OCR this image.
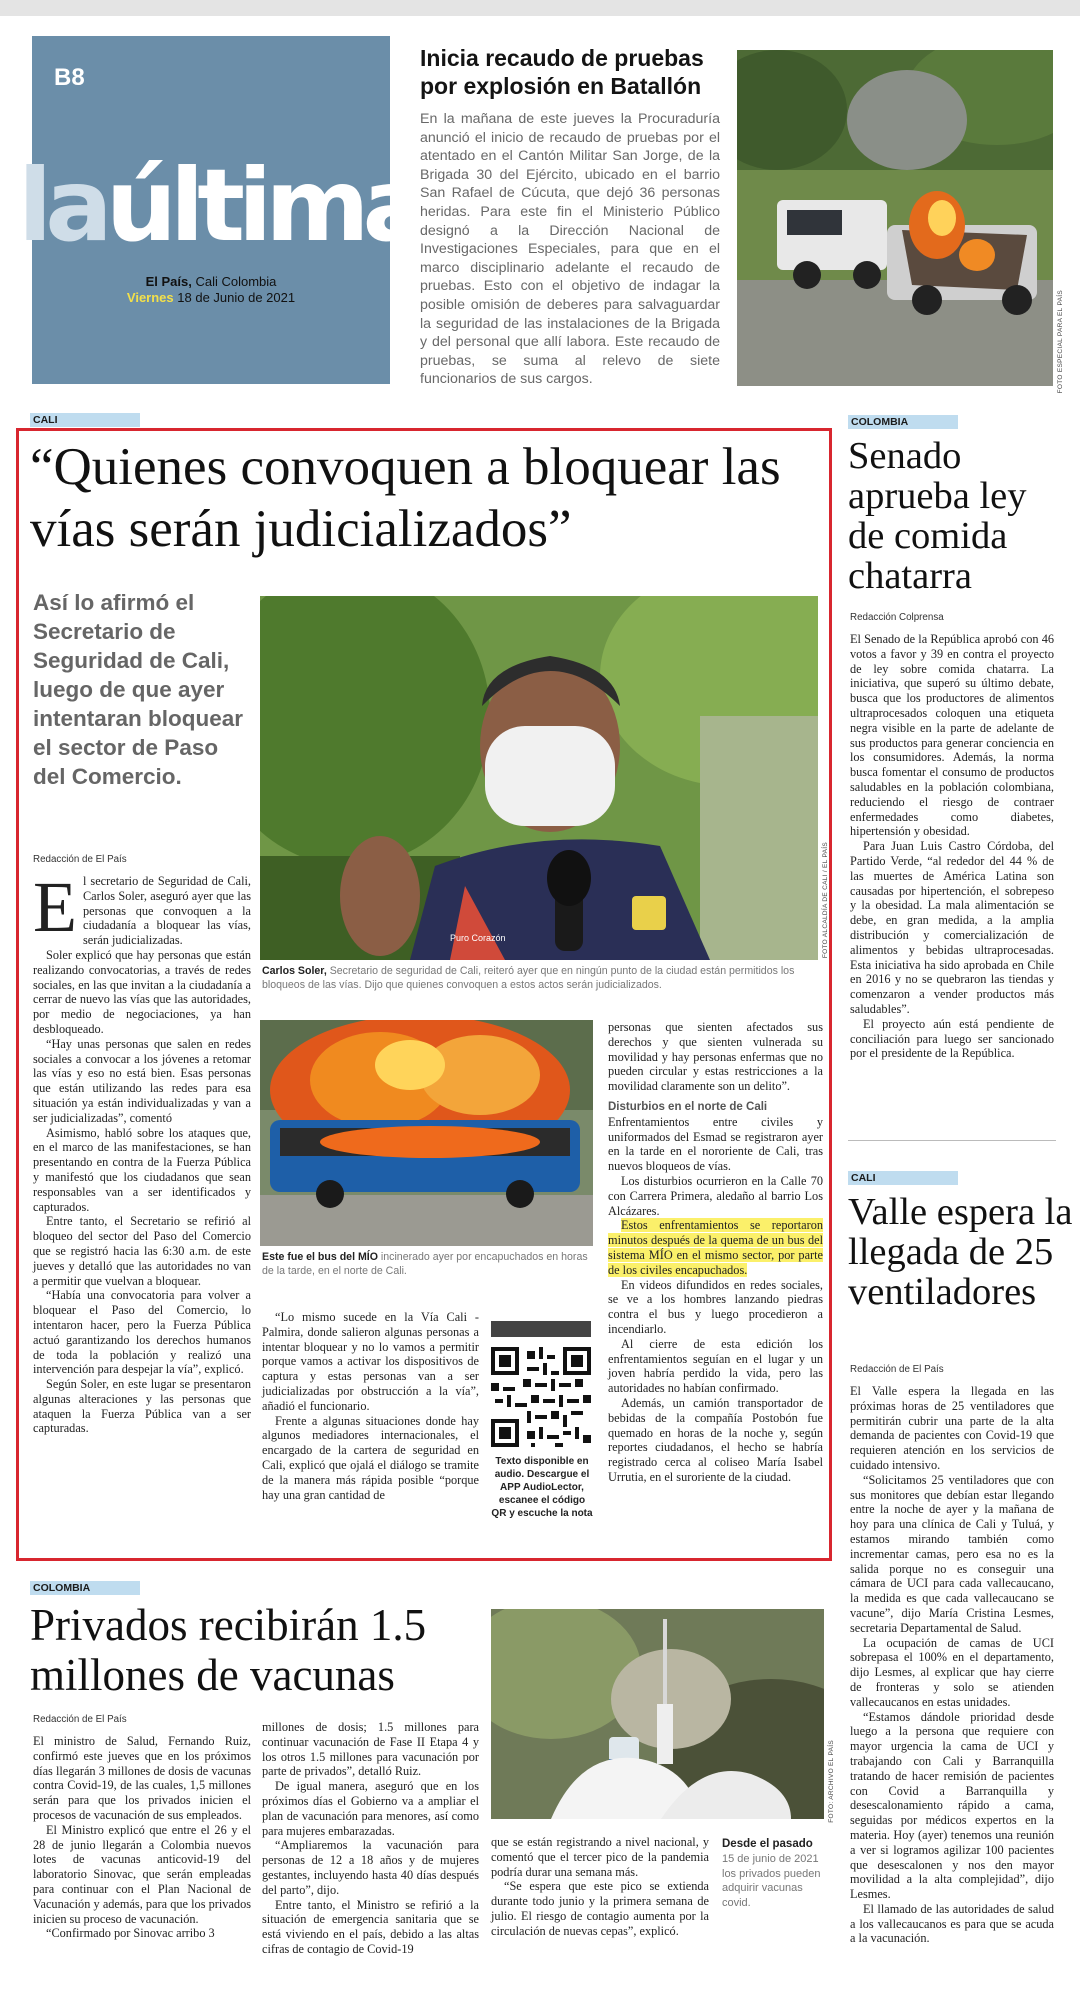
B8
laúltima
El País, Cali Colombia
Viernes 18 de Junio de 2021
Inicia recaudo de pruebas por explosión en Batallón

En la mañana de este jueves la Procuraduría anunció el inicio de recaudo de pruebas por el atentado en el Cantón Militar San Jorge, de la Brigada 30 del Ejército, ubicado en el barrio San Rafael de Cúcuta, que dejó 36 personas heridas. Para este fin el Ministerio Público designó a la Dirección Nacional de Investigaciones Especiales, para que en el marco disciplinario adelante el recaudo de pruebas. Esto con el objetivo de indagar la posible omisión de deberes para salvaguardar la seguridad de las instalaciones de la Brigada y del personal que allí labora. Este recaudo de pruebas, se suma al relevo de siete funcionarios de sus cargos.	FOTO ESPECIAL PARA EL PAÍS
CALI
“Quienes convoquen a bloquear las vías serán judicializados”
Así lo afirmó el Secretario de Seguridad de Cali, luego de que ayer intentaran bloquear el sector de Paso del Comercio.
Puro Corazón	FOTO ALCALDÍA DE CALI / EL PAÍS
Carlos Soler, Secretario de seguridad de Cali, reiteró ayer que en ningún punto de la ciudad están permitidos los bloqueos de las vías. Dijo que quienes convoquen a estos actos serán judicializados.
Redacción de El País

El secretario de Seguridad de Cali, Carlos Soler, aseguró ayer que las personas que convoquen a la ciudadanía a bloquear las vías, serán judicializadas.

Soler explicó que hay personas que están realizando convocatorias, a través de redes sociales, en las que invitan a la ciudadanía a cerrar de nuevo las vías que las autoridades, por medio de negociaciones, ya han desbloqueado.

“Hay unas personas que salen en redes sociales a convocar a los jóvenes a retomar las vías y eso no está bien. Esas personas que están utilizando las redes para esa situación ya están individualizadas y van a ser judicializadas”, comentó

Asimismo, habló sobre los ataques que, en el marco de las manifestaciones, se han presentando en contra de la Fuerza Pública y manifestó que los ciudadanos que sean responsables van a ser identificados y capturados.

Entre tanto, el Secretario se refirió al bloqueo del sector del Paso del Comercio que se registró hacia las 6:30 a.m. de este jueves y detalló que las autoridades no van a permitir que vuelvan a bloquear.

“Había una convocatoria para volver a bloquear el Paso del Comercio, lo intentaron hacer, pero la Fuerza Pública actuó garantizando los derechos humanos de toda la población y realizó una intervención para despejar la vía”, explicó.

Según Soler, en este lugar se presentaron algunas alteraciones y las personas que ataquen la Fuerza Pública van a ser capturadas.

Este fue el bus del MÍO incinerado ayer por encapuchados en horas de la tarde, en el norte de Cali.

“Lo mismo sucede en la Vía Cali - Palmira, donde salieron algunas personas a intentar bloquear y no lo vamos a permitir porque vamos a activar los dispositivos de captura y estas personas van a ser judicializadas por obstrucción a la vía”, añadió el funcionario.

Frente a algunas situaciones donde hay algunos mediadores internacionales, el encargado de la cartera de seguridad en Cali, explicó que ojalá el diálogo se tramite de la manera más rápida posible “porque hay una gran cantidad de

Texto disponible en audio. Descargue el APP AudioLector, escanee el código QR y escuche la nota

personas que sienten afectados sus derechos y que sienten vulnerada su movilidad y hay personas enfermas que no pueden circular y estas restricciones a la movilidad claramente son un delito”.

Disturbios en el norte de Cali

Enfrentamientos entre civiles y uniformados del Esmad se registraron ayer en la tarde en el nororiente de Cali, tras nuevos bloqueos de vías.

Los disturbios ocurrieron en la Calle 70 con Carrera Primera, aledaño al barrio Los Alcázares.

Estos enfrentamientos se reportaron minutos después de la quema de un bus del sistema MÍO en el mismo sector, por parte de los civiles encapuchados.

En videos difundidos en redes sociales, se ve a los hombres lanzando piedras contra el bus y luego procedieron a incendiarlo.

Al cierre de esta edición los enfrentamientos seguían en el lugar y un joven habría perdido la vida, pero las autoridades no habían confirmado.

Además, un camión transportador de bebidas de la compañía Postobón fue quemado en horas de la noche y, según reportes ciudadanos, el hecho se habría registrado cerca al coliseo María Isabel Urrutia, en el suroriente de la ciudad.

COLOMBIA
Senado aprueba ley de comida chatarra
Redacción Colprensa

El Senado de la República aprobó con 46 votos a favor y 39 en contra el proyecto de ley sobre comida chatarra. La iniciativa, que superó su último debate, busca que los productores de alimentos ultraprocesados coloquen una etiqueta negra visible en la parte de adelante de sus productos para generar conciencia en los consumidores. Además, la norma busca fomentar el consumo de productos saludables en la población colombiana, reduciendo el riesgo de contraer enfermedades como diabetes, hipertensión y obesidad.

Para Juan Luis Castro Córdoba, del Partido Verde, “al rededor del 44 % de las muertes de América Latina son causadas por hipertención, el sobrepeso y la obesidad. La mala alimentación se debe, en gran medida, a la amplia distribución y comercialización de alimentos y bebidas ultraprocesadas. Esta iniciativa ha sido aprobada en Chile en 2016 y no se quebraron las tiendas y comenzaron a vender productos más saludables”.

El proyecto aún está pendiente de conciliación para luego ser sancionado por el presidente de la República.

CALI
Valle espera la llegada de 25 ventiladores
Redacción de El País

El Valle espera la llegada en las próximas horas de 25 ventiladores que permitirán cubrir una parte de la alta demanda de pacientes con Covid-19 que requieren atención en los servicios de cuidado intensivo.

“Solicitamos 25 ventiladores que con sus monitores que debían estar llegando entre la noche de ayer y la mañana de hoy para una clínica de Cali y Tuluá, y estamos mirando también como incrementar camas, pero esa no es la salida porque no es conseguir una cámara de UCI para cada vallecaucano, la medida es que cada vallecaucano se vacune”, dijo María Cristina Lesmes, secretaria Departamental de Salud.

La ocupación de camas de UCI sobrepasa el 100% en el departamento, dijo Lesmes, al explicar que hay cierre de fronteras y solo se atienden vallecaucanos en estas unidades.

“Estamos dándole prioridad desde luego a la persona que requiere con mayor urgencia la cama de UCI y trabajando con Cali y Barranquilla tratando de hacer remisión de pacientes con Covid a Barranquilla y desescalonamiento rápido a cama, seguidas por médicos expertos en la materia. Hoy (ayer) tenemos una reunión a ver si logramos agilizar 100 pacientes que desescalonen y nos den mayor movilidad a la alta complejidad”, dijo Lesmes.

El llamado de las autoridades de salud a los vallecaucanos es para que se acuda a la vacunación.

COLOMBIA
Privados recibirán 1.5 millones de vacunas
Redacción de El País

El ministro de Salud, Fernando Ruiz, confirmó este jueves que en los próximos días llegarán 3 millones de dosis de vacunas contra Covid-19, de las cuales, 1,5 millones serán para que los privados inicien el procesos de vacunación de sus empleados.

El Ministro explicó que entre el 26 y el 28 de junio llegarán a Colombia nuevos lotes de vacunas anticovid-19 del laboratorio Sinovac, que serán empleadas para continuar con el Plan Nacional de Vacunación y además, para que los privados inicien su proceso de vacunación.

“Confirmado por Sinovac arribo 3

millones de dosis; 1.5 millones para continuar vacunación de Fase II Etapa 4 y los otros 1.5 millones para vacunación por parte de privados”, detalló Ruiz.

De igual manera, aseguró que en los próximos días el Gobierno va a ampliar el plan de vacunación para menores, así como para mujeres embarazadas.

“Ampliaremos la vacunación para personas de 12 a 18 años y de mujeres gestantes, incluyendo hasta 40 días después del parto”, dijo.

Entre tanto, el Ministro se refirió a la situación de emergencia sanitaria que se está viviendo en el país, debido a las altas cifras de contagio de Covid-19

FOTO: ARCHIVO EL PAÍS

que se están registrando a nivel nacional, y comentó que el tercer pico de la pandemia podría durar una semana más.

“Se espera que este pico se extienda durante todo junio y la primera semana de julio. El riesgo de contagio aumenta por la circulación de nuevas cepas”, explicó.

Desde el pasado
15 de junio de 2021 los privados pueden adquirir vacunas covid.
